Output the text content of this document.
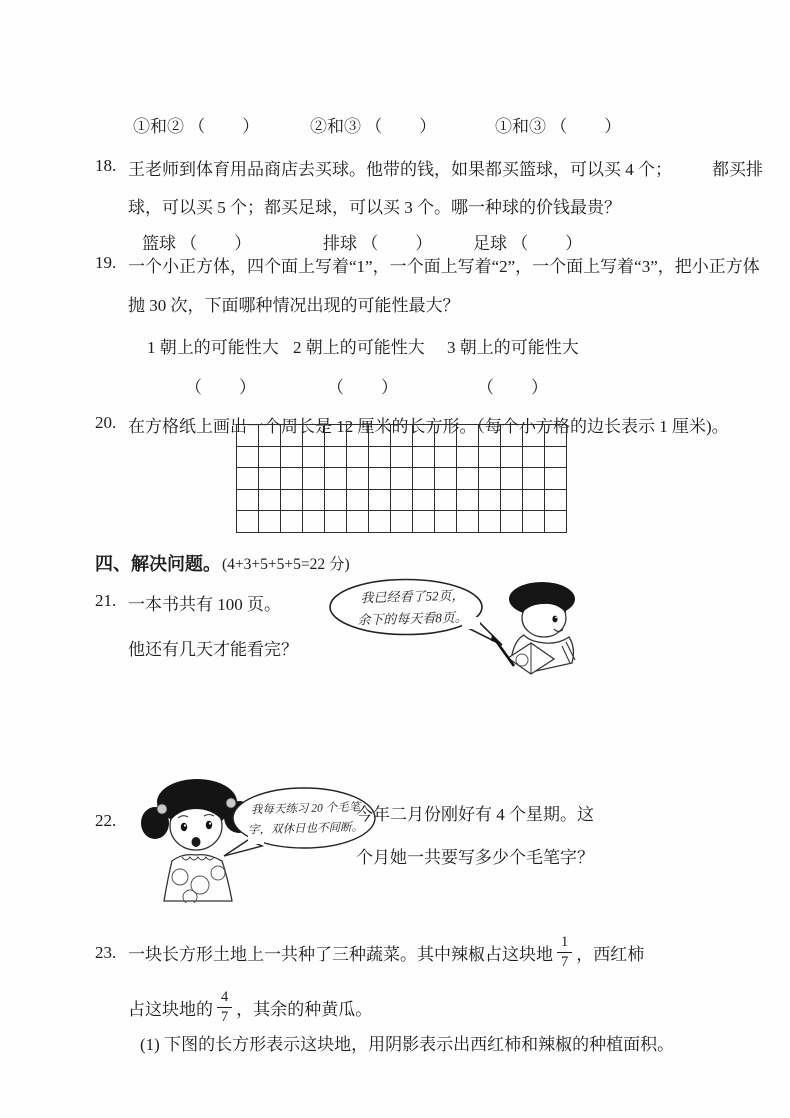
①和② （　　）	②和③ （　　）	①和③ （　　）
18. 王老师到体育用品商店去买球。他带的钱，如果都买篮球，可以买 4 个； 都买排
球，可以买 5 个；都买足球，可以买 3 个。哪一种球的价钱最贵？
篮球 （　　）	排球 （　　） 足球 （　　）
19. 一个小正方体，四个面上写着“1”，一个面上写着“2”，一个面上写着“3”，把小正方体
抛 30 次，下面哪种情况出现的可能性最大？
1 朝上的可能性大 2 朝上的可能性大 3 朝上的可能性大
（　　）	（　　）	（　　）
20. 在方格纸上画出一个周长是 12 厘米的长方形。（每个小方格的边长表示 1 厘米)。
四、解决问题。 (4+3+5+5+5=22 分)
21. 一本书共有 100 页。
他还有几天才能看完？
我已经看了52页，
余下的每天看8页。
22.
我每天练习 20 个毛笔
字，双休日也不间断。
今年二月份刚好有 4 个星期。这
个月她一共要写多少个毛笔字？
23. 一块长方形土地上一共种了三种蔬菜。其中辣椒占这块地 $\frac{1}{7}$ ，西红柿
占这块地的 $\frac{4}{7}$ ，其余的种黄瓜。
(1) 下图的长方形表示这块地，用阴影表示出西红柿和辣椒的种植面积。
